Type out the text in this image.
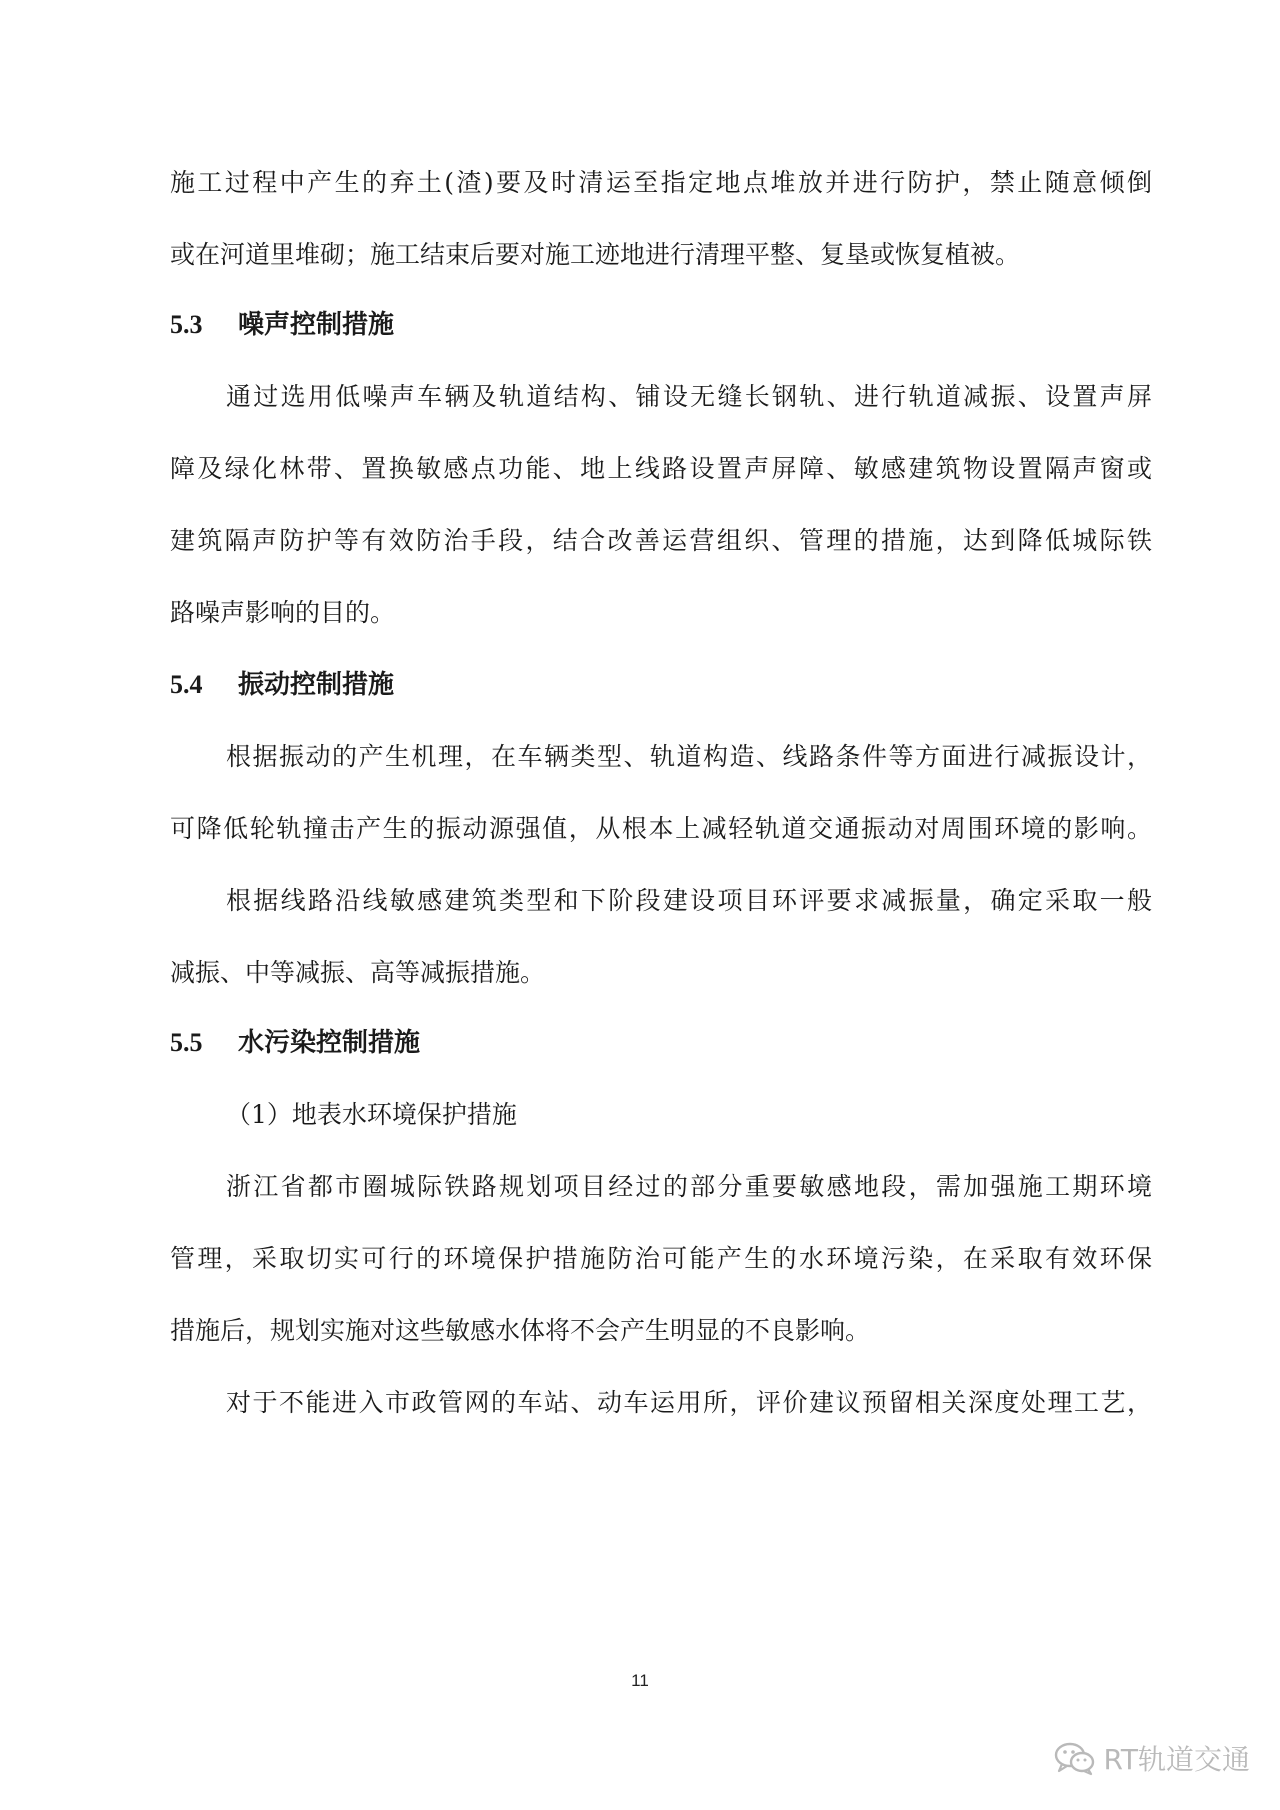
施工过程中产生的弃土(渣)要及时清运至指定地点堆放并进行防护，禁止随意倾倒
或在河道里堆砌；施工结束后要对施工迹地进行清理平整、复垦或恢复植被。
5.3 噪声控制措施
通过选用低噪声车辆及轨道结构、铺设无缝长钢轨、进行轨道减振、设置声屏
障及绿化林带、置换敏感点功能、地上线路设置声屏障、敏感建筑物设置隔声窗或
建筑隔声防护等有效防治手段，结合改善运营组织、管理的措施，达到降低城际铁
路噪声影响的目的。
5.4 振动控制措施
根据振动的产生机理，在车辆类型、轨道构造、线路条件等方面进行减振设计，
可降低轮轨撞击产生的振动源强值，从根本上减轻轨道交通振动对周围环境的影响。
根据线路沿线敏感建筑类型和下阶段建设项目环评要求减振量，确定采取一般
减振、中等减振、高等减振措施。
5.5 水污染控制措施
（1）地表水环境保护措施
浙江省都市圈城际铁路规划项目经过的部分重要敏感地段，需加强施工期环境
管理，采取切实可行的环境保护措施防治可能产生的水环境污染，在采取有效环保
措施后，规划实施对这些敏感水体将不会产生明显的不良影响。
对于不能进入市政管网的车站、动车运用所，评价建议预留相关深度处理工艺，
11
RT轨道交通
